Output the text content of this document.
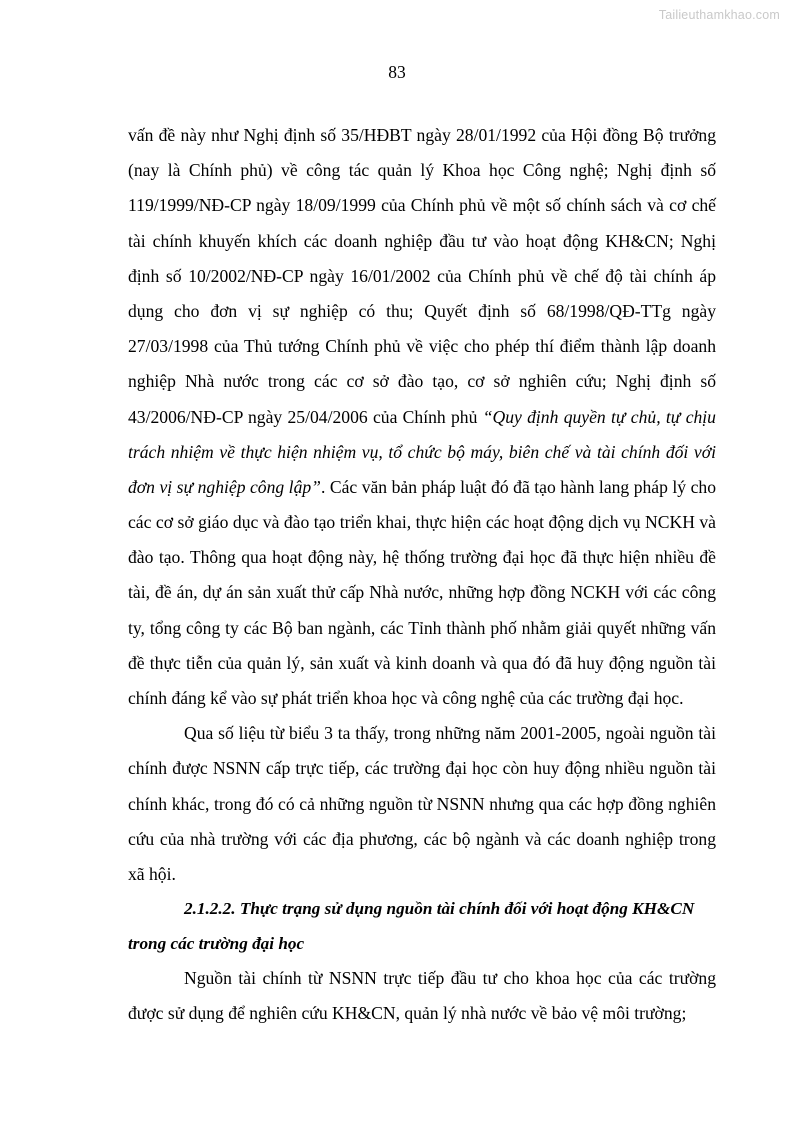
Tailieuthamkhao.com
83

vấn đề này như Nghị định số 35/HĐBT ngày 28/01/1992 của Hội đồng Bộ trưởng (nay là Chính phủ) về công tác quản lý Khoa học Công nghệ; Nghị định số 119/1999/NĐ-CP ngày 18/09/1999 của Chính phủ về một số chính sách và cơ chế tài chính khuyến khích các doanh nghiệp đầu tư vào hoạt động KH&CN; Nghị định số 10/2002/NĐ-CP ngày 16/01/2002 của Chính phủ về chế độ tài chính áp dụng cho đơn vị sự nghiệp có thu; Quyết định số 68/1998/QĐ-TTg ngày 27/03/1998 của Thủ tướng Chính phủ về việc cho phép thí điểm thành lập doanh nghiệp Nhà nước trong các cơ sở đào tạo, cơ sở nghiên cứu; Nghị định số 43/2006/NĐ-CP ngày 25/04/2006 của Chính phủ “Quy định quyền tự chủ, tự chịu trách nhiệm về thực hiện nhiệm vụ, tổ chức bộ máy, biên chế và tài chính đối với đơn vị sự nghiệp công lập”. Các văn bản pháp luật đó đã tạo hành lang pháp lý cho các cơ sở giáo dục và đào tạo triển khai, thực hiện các hoạt động dịch vụ NCKH và đào tạo. Thông qua hoạt động này, hệ thống trường đại học đã thực hiện nhiều đề tài, đề án, dự án sản xuất thử cấp Nhà nước, những hợp đồng NCKH với các công ty, tổng công ty các Bộ ban ngành, các Tỉnh thành phố nhằm giải quyết những vấn đề thực tiễn của quản lý, sản xuất và kinh doanh và qua đó đã huy động nguồn tài chính đáng kể vào sự phát triển khoa học và công nghệ của các trường đại học.

Qua số liệu từ biểu 3 ta thấy, trong những năm 2001-2005, ngoài nguồn tài chính được NSNN cấp trực tiếp, các trường đại học còn huy động nhiều nguồn tài chính khác, trong đó có cả những nguồn từ NSNN nhưng qua các hợp đồng nghiên cứu của nhà trường với các địa phương, các bộ ngành và các doanh nghiệp trong xã hội.

2.1.2.2. Thực trạng sử dụng nguồn tài chính đối với hoạt động KH&CN
trong các trường đại học

Nguồn tài chính từ NSNN trực tiếp đầu tư cho khoa học của các trường được sử dụng để nghiên cứu KH&CN, quản lý nhà nước về bảo vệ môi trường;
